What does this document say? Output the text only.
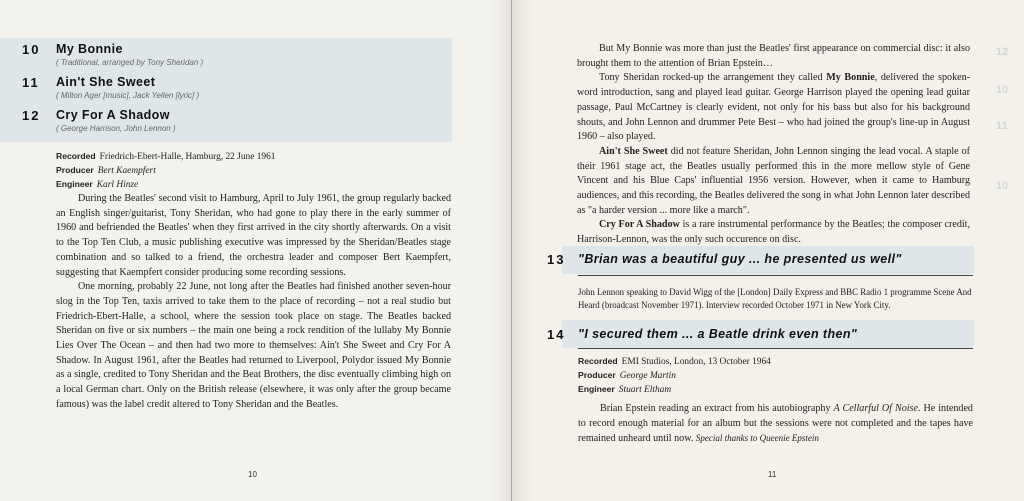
10 My Bonnie
( Traditional, arranged by Tony Sheridan )
11 Ain't She Sweet
( Milton Ager [music], Jack Yellen [lyric] )
12 Cry For A Shadow
( George Harrison, John Lennon )
Recorded Friedrich-Ebert-Halle, Hamburg, 22 June 1961
Producer Bert Kaempfert
Engineer Karl Hinze

During the Beatles' second visit to Hamburg, April to July 1961, the group regularly backed an English singer/guitarist, Tony Sheridan, who had gone to play there in the early summer of 1960 and befriended the Beatles' when they first arrived in the city shortly afterwards. On a visit to the Top Ten Club, a music publishing executive was impressed by the Sheridan/Beatles stage combination and so talked to a friend, the orchestra leader and composer Bert Kaempfert, suggesting that Kaempfert consider producing some recording sessions.

One morning, probably 22 June, not long after the Beatles had finished another seven-hour slog in the Top Ten, taxis arrived to take them to the place of recording – not a real studio but Friedrich-Ebert-Halle, a school, where the session took place on stage. The Beatles backed Sheridan on five or six numbers – the main one being a rock rendition of the lullaby My Bonnie Lies Over The Ocean – and then had two more to themselves: Ain't She Sweet and Cry For A Shadow. In August 1961, after the Beatles had returned to Liverpool, Polydor issued My Bonnie as a single, credited to Tony Sheridan and the Beat Brothers, the disc eventually climbing high on a local German chart. Only on the British release (elsewhere, it was only after the group became famous) was the label credit altered to Tony Sheridan and the Beatles.

10

But My Bonnie was more than just the Beatles' first appearance on commercial disc: it also brought them to the attention of Brian Epstein…

Tony Sheridan rocked-up the arrangement they called My Bonnie, delivered the spoken-word introduction, sang and played lead guitar. George Harrison played the opening lead guitar passage, Paul McCartney is clearly evident, not only for his bass but also for his background shouts, and John Lennon and drummer Pete Best – who had joined the group's line-up in August 1960 – also played.

Ain't She Sweet did not feature Sheridan, John Lennon singing the lead vocal. A staple of their 1961 stage act, the Beatles usually performed this in the more mellow style of Gene Vincent and his Blue Caps' influential 1956 version. However, when it came to Hamburg audiences, and this recording, the Beatles delivered the song in what John Lennon later described as "a harder version ... more like a march".

Cry For A Shadow is a rare instrumental performance by the Beatles; the composer credit, Harrison-Lennon, was the only such occurence on disc.

13 "Brian was a beautiful guy ... he presented us well"
John Lennon speaking to David Wigg of the [London] Daily Express and BBC Radio 1 programme Scene And Heard (broadcast November 1971). Interview recorded October 1971 in New York City.
14 "I secured them ... a Beatle drink even then"
Recorded EMI Studios, London, 13 October 1964
Producer George Martin
Engineer Stuart Eltham

Brian Epstein reading an extract from his autobiography A Cellarful Of Noise. He intended to record enough material for an album but the sessions were not completed and the tapes have remained unheard until now. Special thanks to Queenie Epstein

11
12
10
11
10
